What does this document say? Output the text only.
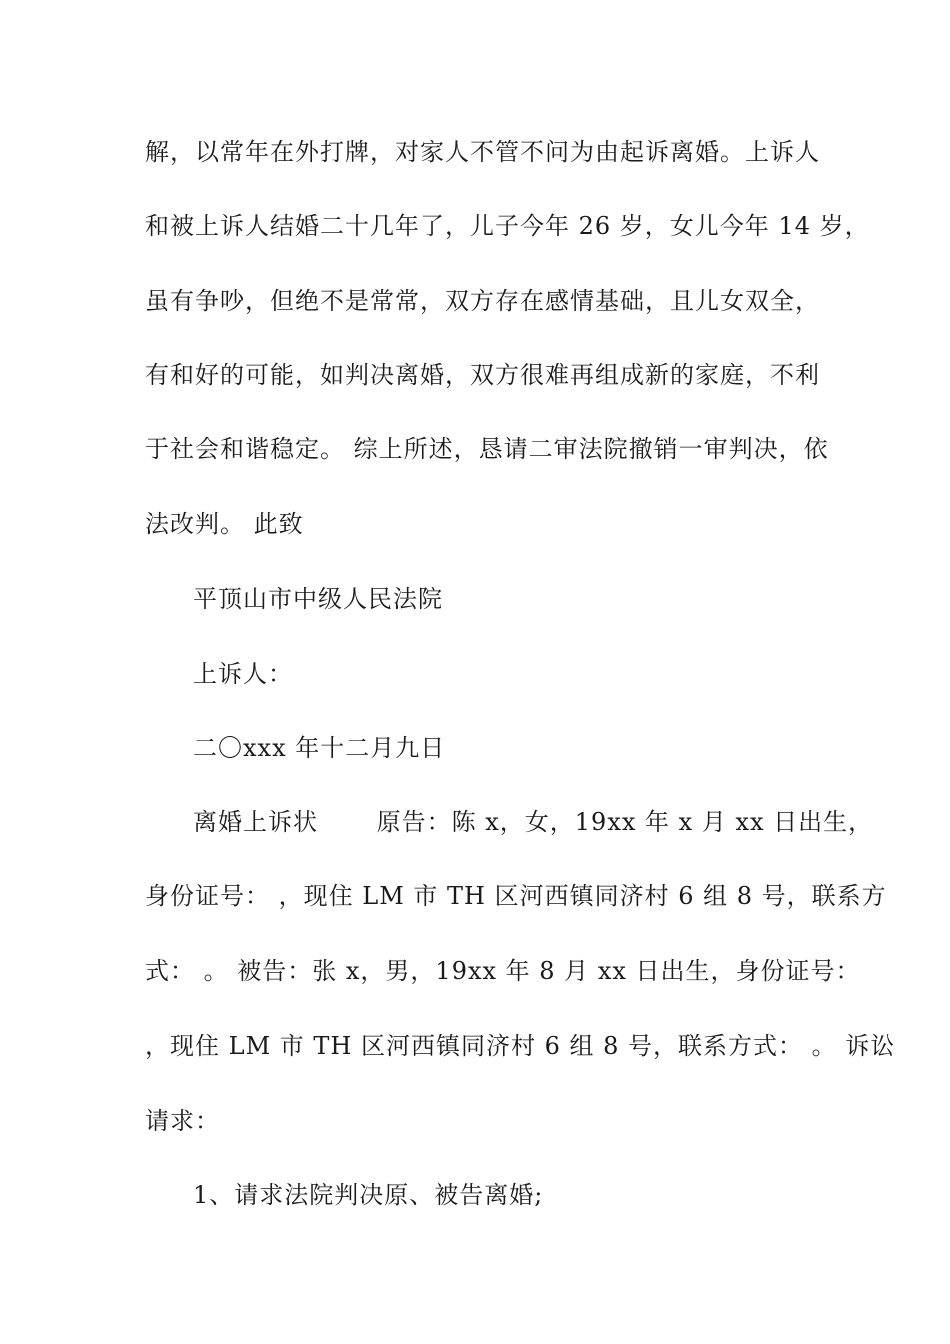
解，以常年在外打牌，对家人不管不问为由起诉离婚。上诉人
和被上诉人结婚二十几年了，儿子今年 26 岁，女儿今年 14 岁，
虽有争吵，但绝不是常常，双方存在感情基础，且儿女双全，
有和好的可能，如判决离婚，双方很难再组成新的家庭，不利
于社会和谐稳定。 综上所述，恳请二审法院撤销一审判决，依
法改判。 此致
平顶山市中级人民法院
上诉人：
二〇xxx 年十二月九日
离婚上诉状 　　原告：陈 x，女，19xx 年 x 月 xx 日出生，
身份证号： ，现住 LM 市 TH 区河西镇同济村 6 组 8 号，联系方
式： 。 被告：张 x，男，19xx 年 8 月 xx 日出生，身份证号：
，现住 LM 市 TH 区河西镇同济村 6 组 8 号，联系方式： 。 诉讼
请求：
1、请求法院判决原、被告离婚;
